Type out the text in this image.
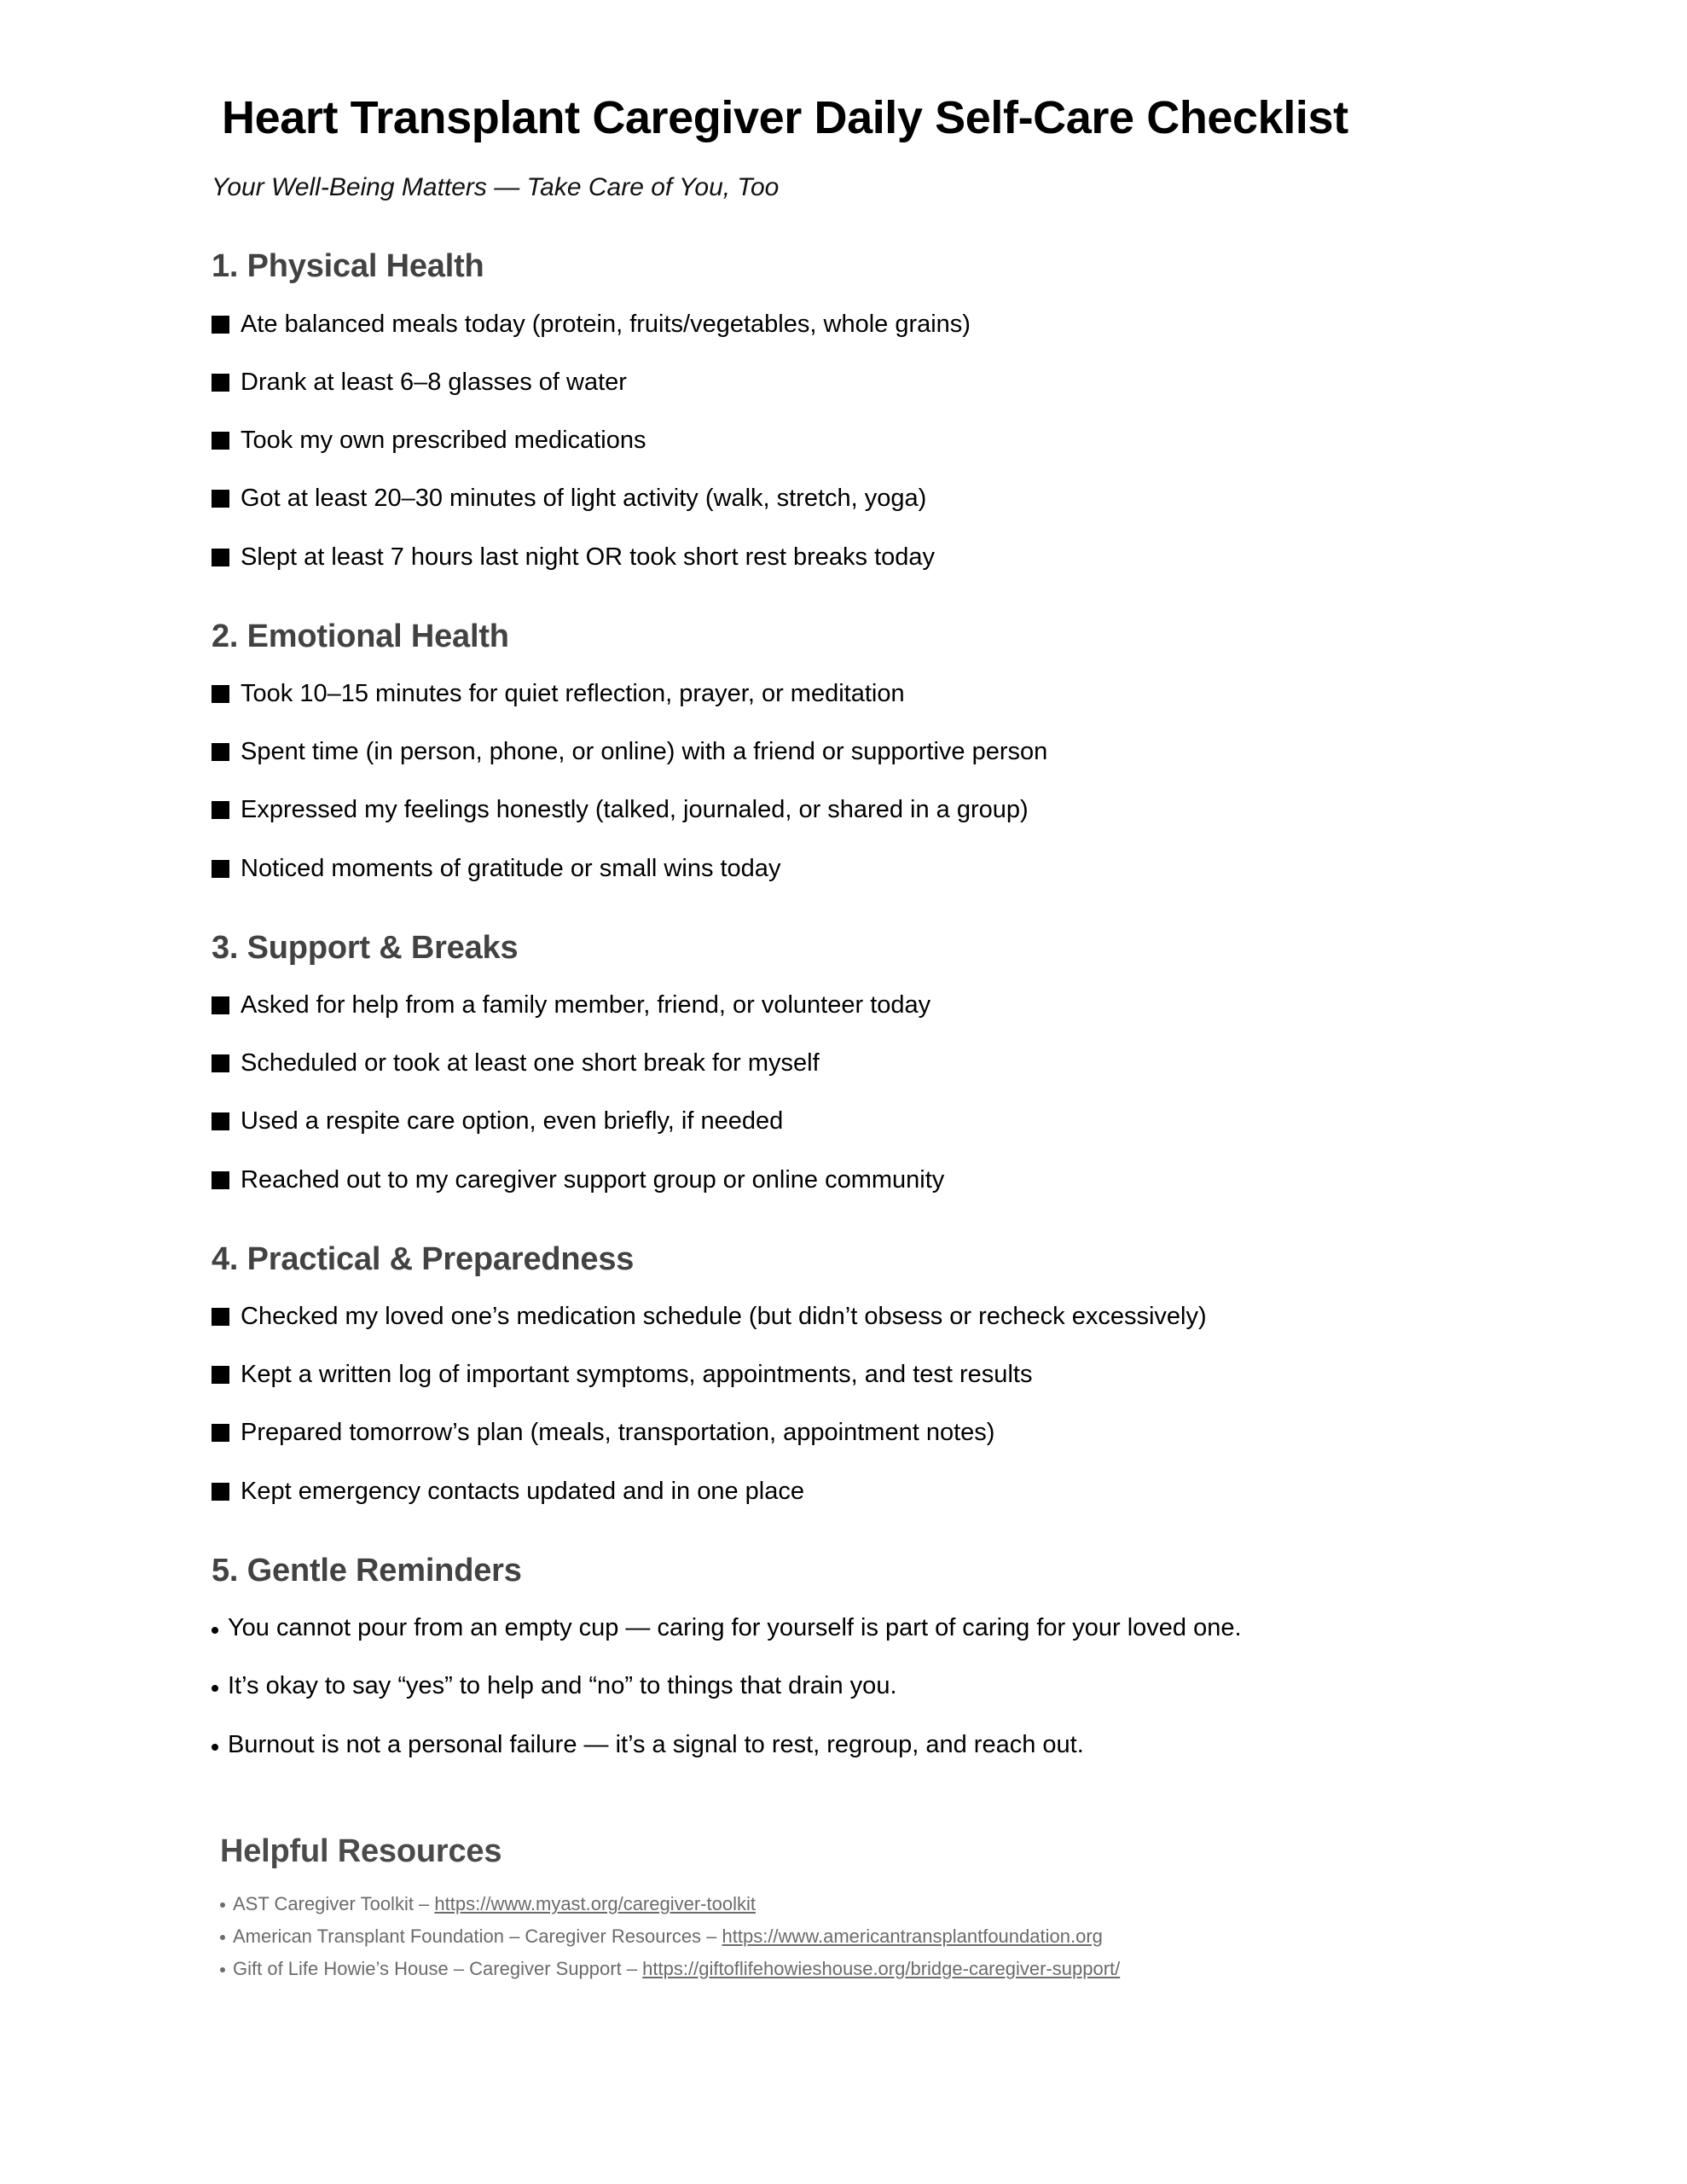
Heart Transplant Caregiver Daily Self-Care Checklist

Your Well-Being Matters — Take Care of You, Too

1. Physical Health
Ate balanced meals today (protein, fruits/vegetables, whole grains)
Drank at least 6–8 glasses of water
Took my own prescribed medications
Got at least 20–30 minutes of light activity (walk, stretch, yoga)
Slept at least 7 hours last night OR took short rest breaks today
2. Emotional Health
Took 10–15 minutes for quiet reflection, prayer, or meditation
Spent time (in person, phone, or online) with a friend or supportive person
Expressed my feelings honestly (talked, journaled, or shared in a group)
Noticed moments of gratitude or small wins today
3. Support & Breaks
Asked for help from a family member, friend, or volunteer today
Scheduled or took at least one short break for myself
Used a respite care option, even briefly, if needed
Reached out to my caregiver support group or online community
4. Practical & Preparedness
Checked my loved one’s medication schedule (but didn’t obsess or recheck excessively)
Kept a written log of important symptoms, appointments, and test results
Prepared tomorrow’s plan (meals, transportation, appointment notes)
Kept emergency contacts updated and in one place
5. Gentle Reminders
You cannot pour from an empty cup — caring for yourself is part of caring for your loved one.
It’s okay to say “yes” to help and “no” to things that drain you.
Burnout is not a personal failure — it’s a signal to rest, regroup, and reach out.
Helpful Resources
AST Caregiver Toolkit – https://www.myast.org/caregiver-toolkit
American Transplant Foundation – Caregiver Resources – https://www.americantransplantfoundation.org
Gift of Life Howie’s House – Caregiver Support – https://giftoflifehowieshouse.org/bridge-caregiver-support/
